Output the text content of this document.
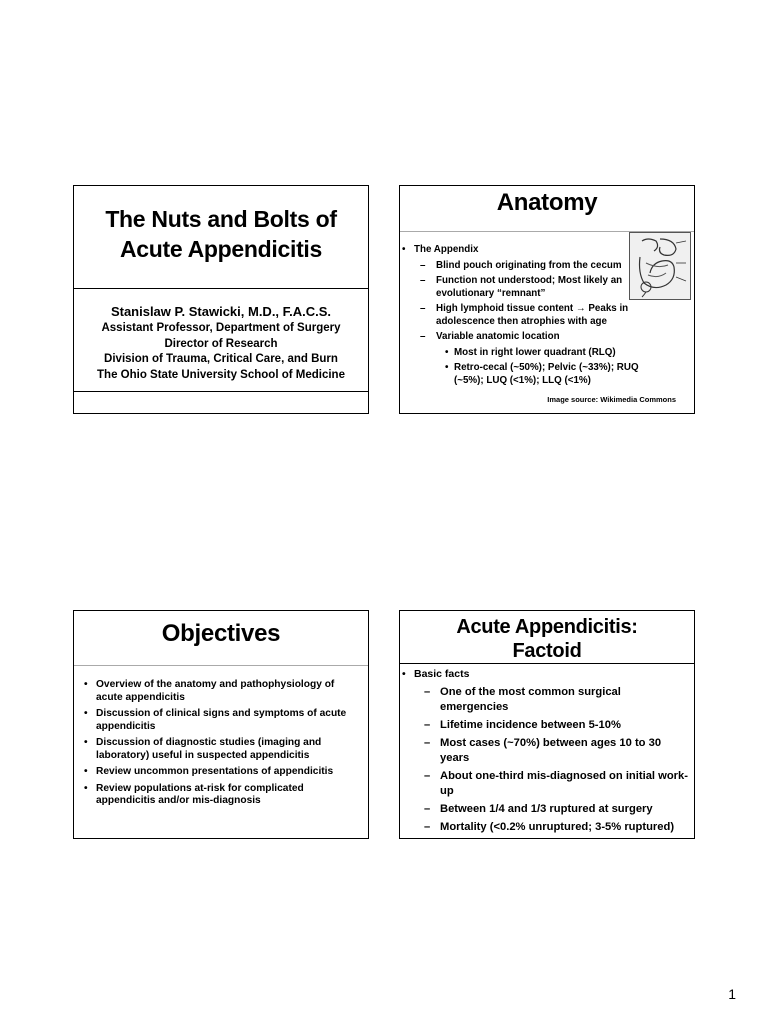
The Nuts and Bolts of
Acute Appendicitis
Stanislaw P. Stawicki, M.D., F.A.C.S.
Assistant Professor, Department of Surgery
Director of Research
Division of Trauma, Critical Care, and Burn
The Ohio State University School of Medicine
Anatomy
• The Appendix
– Blind pouch originating from the cecum
– Function not understood; Most likely an evolutionary “remnant”
– High lymphoid tissue content → Peaks in adolescence then atrophies with age
– Variable anatomic location
• Most in right lower quadrant (RLQ)
• Retro-cecal (~50%); Pelvic (~33%); RUQ (~5%); LUQ (<1%); LLQ (<1%)
Image source: Wikimedia Commons
Objectives
• Overview of the anatomy and pathophysiology of acute appendicitis
• Discussion of clinical signs and symptoms of acute appendicitis
• Discussion of diagnostic studies (imaging and laboratory) useful in suspected appendicitis
• Review uncommon presentations of appendicitis
• Review populations at-risk for complicated appendicitis and/or mis-diagnosis
Acute Appendicitis:
Factoid
• Basic facts
– One of the most common surgical emergencies
– Lifetime incidence between 5-10%
– Most cases (~70%) between ages 10 to 30 years
– About one-third mis-diagnosed on initial work-up
– Between 1/4 and 1/3 ruptured at surgery
– Mortality (<0.2% unruptured; 3-5% ruptured)
1
